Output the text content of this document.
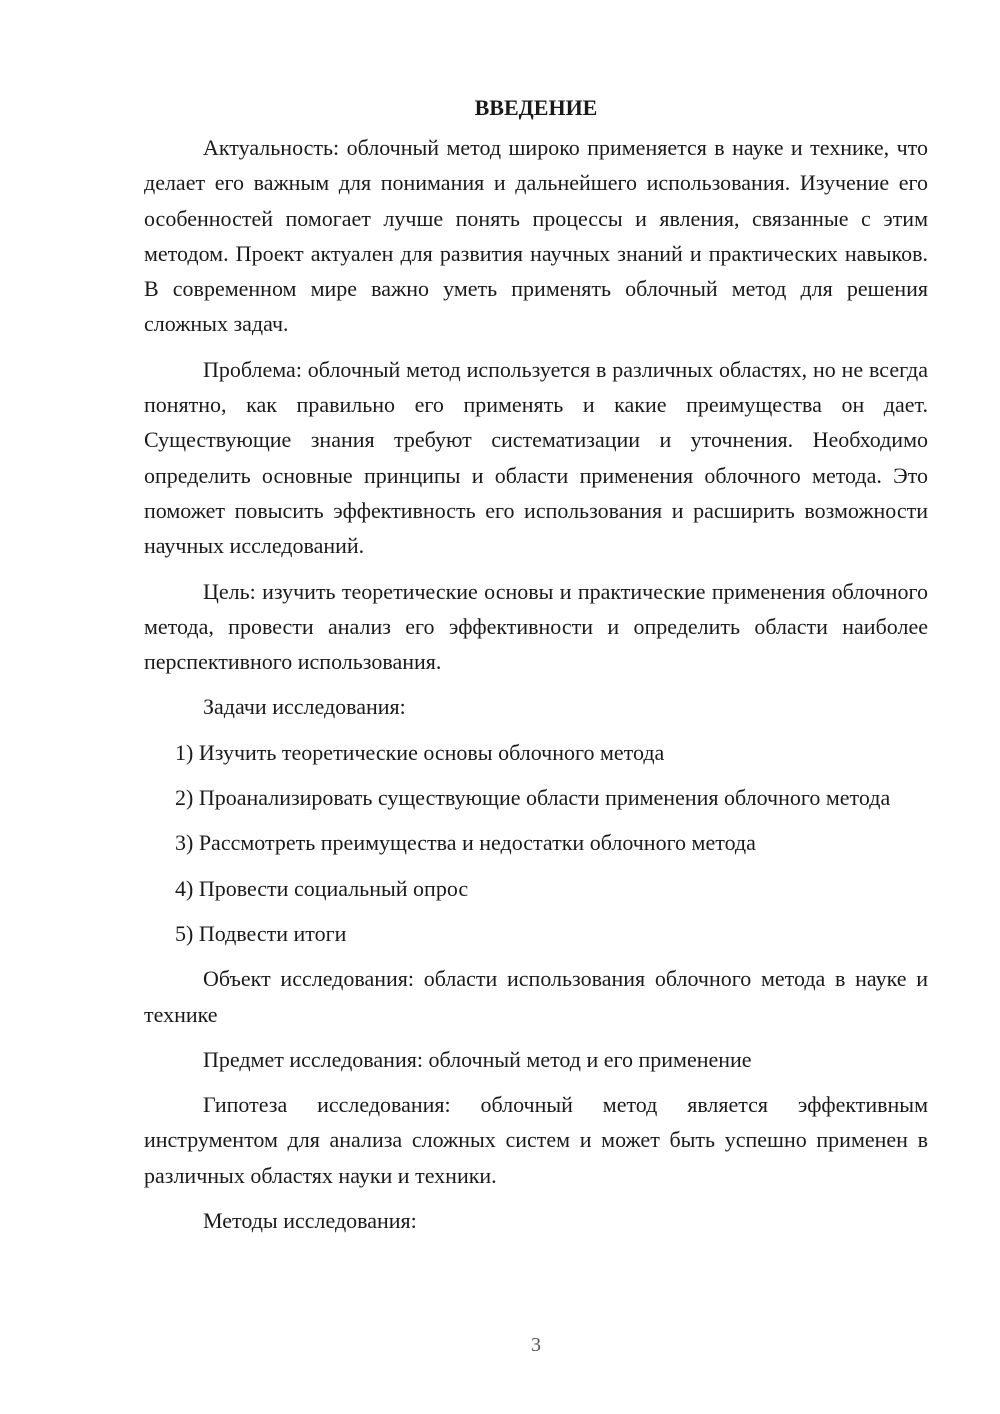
ВВЕДЕНИЕ

Актуальность: облочный метод широко применяется в науке и технике, что делает его важным для понимания и дальнейшего использования. Изучение его особенностей помогает лучше понять процессы и явления, связанные с этим методом. Проект актуален для развития научных знаний и практических навыков. В современном мире важно уметь применять облочный метод для решения сложных задач.

Проблема: облочный метод используется в различных областях, но не всегда понятно, как правильно его применять и какие преимущества он дает. Существующие знания требуют систематизации и уточнения. Необходимо определить основные принципы и области применения облочного метода. Это поможет повысить эффективность его использования и расширить возможности научных исследований.

Цель: изучить теоретические основы и практические применения облочного метода, провести анализ его эффективности и определить области наиболее перспективного использования.

Задачи исследования:

1) Изучить теоретические основы облочного метода

2) Проанализировать существующие области применения облочного метода

3) Рассмотреть преимущества и недостатки облочного метода

4) Провести социальный опрос

5) Подвести итоги

Объект исследования: области использования облочного метода в науке и технике

Предмет исследования: облочный метод и его применение

Гипотеза исследования: облочный метод является эффективным инструментом для анализа сложных систем и может быть успешно применен в различных областях науки и техники.

Методы исследования:

3
